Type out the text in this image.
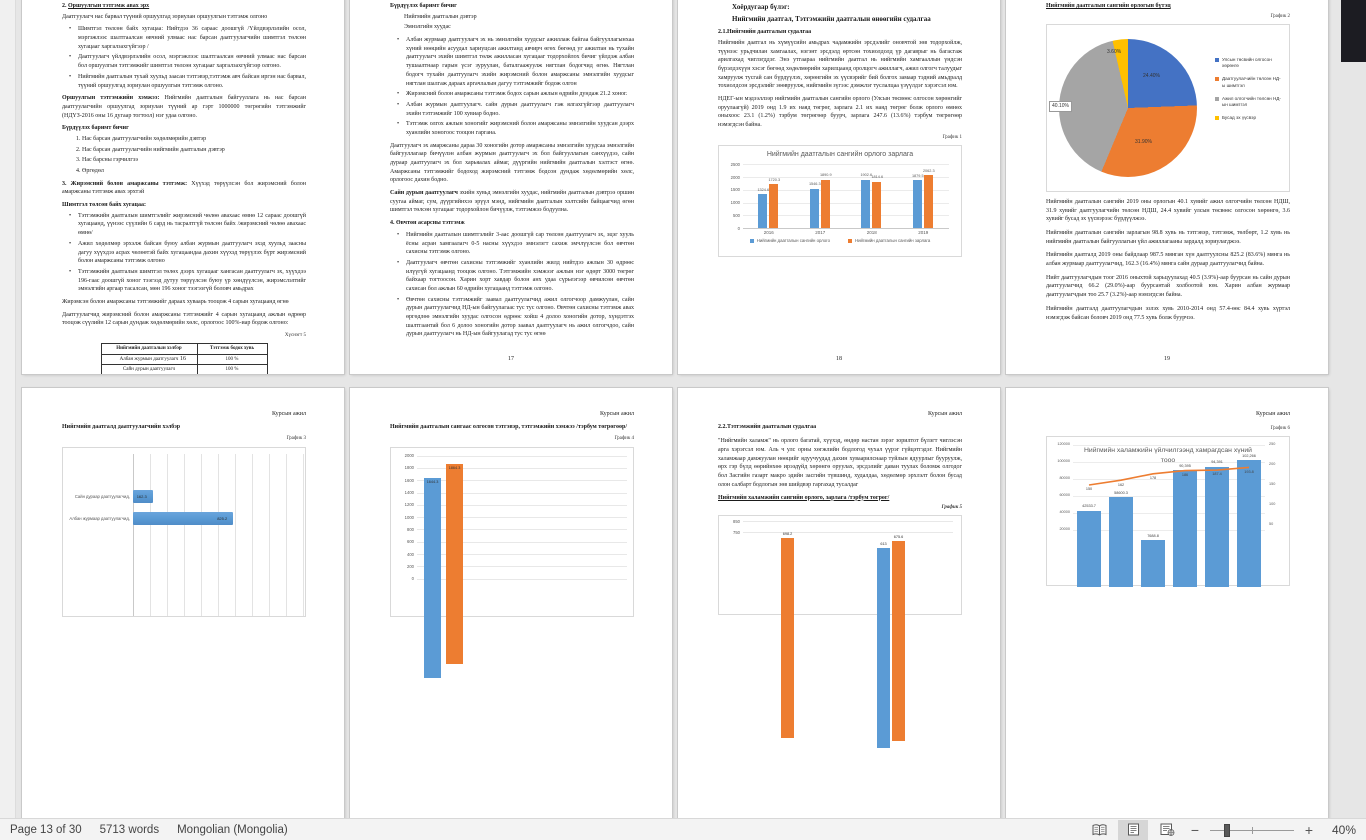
2. Оршуулгын тэтгэмж авах эрх

Даатгуулагч нас барвал түүний оршуулгад зориулан оршуулгын тэтгэмж олгоно

• Шимтгэл төлсөн байх хугацаа: Нийтдээ 36 сараас доошгүй /Үйлдвэрлэлийн осол, мэргэжлээс шалтгаалсан өвчний улмаас нас барсан даатгуулагчийн шимтгэл төлсөн хугацааг харгалзахгүйгээр /
• Даатгуулагч үйлдвэрлэлийн осол, мэргэжлээс шалтгаалсан өвчний улмаас нас барсан бол оршуулгын тэтгэмжийг шимтгэл төлсөн хугацааг харгалзахгүйгээр олгоно.
• Нийгмийн даатгалын тухай хуульд заасан тэтгэвэр,тэтгэмж авч байсан иргэн нас барвал, түүний оршуулгад зориулан оршуулгын тэтгэмж олгоно.

Оршуулгын тэтгэмжийн хэмжээ: Нийгмийн даатгалын байгууллага нь нас барсан даатгуулагчийн оршуулгад зориулан түүний ар гэрт 1000000 төгрөгийн тэтгэмжийг (НДҮЗ-2016 оны 16 дугаар тогтоол) нэг удаа олгоно.

Бүрдүүлэх баримт бичиг

1. Нас барсан даатгуулагчийн хөдөлмөрийн дэвтэр

2. Нас барсан даатгуулагчийн нийгмийн даатгалын дэвтэр

3. Нас барсны гэрчилгээ

4. Өргөдөл

3. Жирэмсний болон амаржсаны тэтгэмж: Хүүхэд төрүүлсэн бол жирэмсний болон амаржсаны тэтгэмж авах эрхтэй

Шимтгэл төлсөн байх хугацаа:

• Тэтгэмжийн даатгалын шимтгэлийг жирэмсний чөлөө авахаас өмнө 12 сараас доошгүй хугацаанд, үүнээс сүүлийн 6 сард нь тасралтгүй төлсөн байх /жирэмсний чөлөө авахаас өмнө/
• Ажил хөдөлмөр эрхэлж байсан буюу албан журмын даатгуулагч эхэд хуульд заасны дагуу хүүхдээ асрах чөлөөтэй байх хугацаандаа дахин хүүхэд төрүүлэх бүрт жирэмсний болон амаржсаны тэтгэмж олгоно
• Тэтгэмжийн даатгалын шимтгэл төлөх дээрх хугацааг хангасан даатгуулагч эх, хүүхдээ 196-гаас доошгүй хоног тээгээд дутуу төрүүлсэн буюу үр хөндүүлсэн, жирэмслэлтийг эмнэлгийн аргаар тасалсан, мөн 196 хоног тээгээгүй боловч амьдрах

Жирэмсэн болон амаржсаны тэтгэмжийг дараах хуваарь тооцож 4 сарын хугацаанд өгнө

Даатгуулагчид жирэмсний болон амаржсаны тэтгэмжийг 4 сарын хугацаанд ажлын өдрөөр тооцож сүүлийн 12 сарын дундаж хөдөлмөрийн хөлс, орлогоос 100%-иар бодож олгоно:

Хүснэгт 5

Нийгмийн даатгалын хэлбэр	Тэтгэмж бодох хувь
Албан журмын даатгуулагч	100 %
Сайн дурын даатгуулагч	100 %
16

Бүрдүүлэх баримт бичиг

Нийгмийн даатгалын дэвтэр

Эмнэлгийн хуудас

• Албан журмаар даатгуулагч эх нь эмнэлгийн хуудсыг ажиллаж байгаа байгууллагынхаа хүний нөөцийн асуудал хариуцсан ажилтанд авчирч өгөх бөгөөд уг ажилтан нь тухайн даатгуулагч эхийн шимтгэл төлж ажилласан хугацааг тодорхойлох бичиг үйлдэж албан тушаалтнаар гарын үсэг зуруулан, баталгаажуулж нягтлан бодогчид өгнө. Нягтлан бодогч тухайн даатгуулагч эхийн жирэмсний болон амаржсаны эмнэлгийн хуудсыг нягтлан шалгаж дараах аргачлалын дагуу тэтгэмжийг бодож олгон
• Жирэмсний болон амаржсаны тэтгэмж бодох сарын ажлын өдрийн дундаж 21.2 хоног.
• Албан журмын даатгуулагч. сайн дурын даатгуулагч гэж ялгахгүйгээр даатгуулагч эхийн тэтгэмжийг 100 хувиар бодно.
• Тэтгэмж олгох ажлын хоногийг жирэмсний болон амаржсаны эмнэлгийн хуудсан дээрх хуанлийн хоногоос тооцон гаргана.

Даатгуулагч эх амаржсаны дараа 30 хоногийн дотор амаржсаны эмнэлгийн хуудсаа эмнэлгийн байгууллагаар бичүүлэн албан журмын даатгуулагч эх бол байгууллагын санхүүдээ, сайн дураар даатгуулагч эх бол харьяалах аймаг, дүүргийн нийгмийн даатгалын хэлтэст өгнө. Амаржсаны тэтгэмжийг бодоход жирэмсний тэтгэмж бодсон дундаж хөдөлмөрийн хөлс, орлогоос дахин бодно.

Сайн дурын даатгуулагч эхийн хувьд эмнэлгийн хуудас, нийгмийн даатгалын дэвтрээ оршин суугаа аймаг, сум, дүүргийнхээ эрүүл мэнд, нийгмийн даатгалын хэлтсийн байцаагчид өгөн шимтгэл төлсөн хугацааг тодорхойлон бичүүлж, тэтгэмжээ бодуулна.

4. Өвчтөн асарсны тэтгэмж

• Нийгмийн даатгалын шимтгэлийг 3-аас доошгүй сар төлсөн даатгуулагч эх, эцэг хууль ёсны асран хамгаалагч 0-5 насны хүүхдээ эмнэлэгт сахиж эмчлүүлсэн бол өвчтөн сахисны тэтгэмж олгоно.
• Даатгуулагч өвчтөн сахисны тэтгэмжийг хуанлийн жилд нийтдээ ажлын 30 өдрөөс илүүгүй хугацаанд тооцож олгоно. Тэтгэмжийн хэмжээг ажлын нэг өдөрт 3000 төгрөг байхаар тогтоосон. Харин хорт хавдар болон анх удаа сүрьеэгээр өвчилсөн өвчтөн сахисан бол ажлын 60 өдрийн хугацаанд тэтгэмж олгоно.
• Өвчтөн сахисны тэтгэмжийг заавал даатгуулагчид ажил олгогчоор дамжуулан, сайн дурын даатгуулагчид НД-ын байгуулагаас тус тус олгоно. Өвчтөн сахисны тэтгэмж авах өргөдлөө эмнэлгийн хуудас олгосон өдрөөс хойш 4 долоо хоногийн дотор, хүндэтгэх шалтгаантай бол 6 долоо хоногийн дотор заавал даатгуулагч нь ажил олгогчдоо, сайн дурын даатгуулагч нь НД-ын байгуулагад тус тус өгнө
17

Хоёрдугаар бүлэг:

Нийгмийн даатгал, Тэтгэмжийн даатгалын өнөөгийн судалгаа

2.1.Нийгмийн даатгалын судалгаа

Нийгмийн даатгал нь хүмүүсийн амьдрах чадамжийн эрсдэлийг оновчтой зөв тодорхойлж, түүнээс урьдчилан хамгаалах, нэгэнт эрсдэлд өртсөн тохиолдолд үр дагаврыг нь багасгаж арилгахад чиглэгддэг. Энэ утгаараа нийгмийн даатгал нь нийгмийн хамгааллын үндсэн бүрэлдэхүүн хэсэг бөгөөд хөдөлмөрийн харилцаанд оролцогч ажиллагч, ажил олгогч талуудыг хамруулж тусгай сан бүрдүүлэх, хөрөнгийн эх үүсвэрийг бий болгох замаар тэдний амьдралд тохиолдсон эрсдэлийг зөөвруулж, нийгмийн зүгээс дэмжлэг туслалцаа үзүүлдэг хэрэгсэл юм.

НДЕГ-ын мэдээллээр нийгмийн даатгалын сангийн орлого (Улсын төсвөөс олгосон хөрөнгийг оруулаагүй) 2019 онд 1.9 их наяд төгрөг, зарлага 2.1 их наяд төгрөг болж орлого өмнөх оныхоос 23.1 (1.2%) тэрбум төгрөгөөр буурч, зарлага 247.6 (13.6%) тэрбум төгрөгөөр нэмэгдсэн байна.

График 1

Нийгмийн даатгалын сангийн орлого зарлага
0
500
1000
1500
2000
2500
2016
1324.6
1720.3
2017
1546.3
1890.9
2018
1902.6
1814.6
2019
1879.5
2062.3
Нийгмийн даатгалын сангийн орлого	Нийгмийн даатгалын сангийн зарлага
18

Нийгмийн даатгалын сангийн орлогын бүтэц

График 2

24.40%
31.90%
40.10%
3.60%
Улсын төсвийн олгосон хөрөнгө
Даатгуулагчийн төлсөн НД-ы шимтгэл
Ажил олгогчийн төлсөн НД-ын шимтгэл
Бусад эх үүсвэр

Нийгмийн даатгалын сангийн 2019 оны орлогын 40.1 хувийг ажил олгогчийн төлсөн НДШ, 31.9 хувийг даатгуулагчийн төлсөн НДШ, 24.4 хувийг улсын төсвөөс олгосон хөрөнгө, 3.6 хувийг бусад эх үүсвэрээс бүрдүүлжээ.

Нийгмийн даатгалын сангийн зарлагын 98.8 хувь нь тэтгэвэр, тэтгэмж, төлбөрт, 1.2 хувь нь нийгмийн даатгалын байгууллагын үйл ажиллагааны зардалд зориулагджээ.

Нийгмийн даатгалд 2019 оны байдлаар 987.5 мянган хүн даатгуулсны 825.2 (83.6%) мянга нь албан журмаар даатгуулагчид, 162.3 (16.4%) мянга сайн дураар даатгуулагчид байна.

Нийт даатгуулагчдын тоог 2016 оныхтой харьцуулахад 40.5 (3.9%)-аар буурсан нь сайн дурын даатгуулагчид 66.2 (29.0%)-аар буурсантай холбоотой юм. Харин албан журмаар даатгуулагчдын тоо 25.7 (3.2%)-аар нэмэгдсэн байна.

Нийгмийн даатгалд даатгуулагчдын эзлэх хувь 2010-2014 онд 57.4-өөс 84.4 хувь хүртэл нэмэгдэж байсан боловч 2019 онд 77.5 хувь болж буурчээ.

19

Курсын ажил

Нийгмийн даатгалд даатгуулагчийн хэлбэр

График 3

Сайн дураар даатгуулагчид, 162.3
Албан журмаар даатгуулагчид,	825.2

Курсын ажил

Нийгмийн даатгалын сангаас олгосон тэтгэвэр, тэтгэмжийн хэмжээ /тэрбум төгрөгөөр/

График 4

2000
1800
1600
1400
1200
1000
800
600
400
200
0
1644.3
1864.3

Курсын ажил

2.2.Тэтгэмжийн даатгалын судалгаа

"Нийгмийн халамж" нь орлого багатай, хүүхэд, өндөр настан зэрэг зорилтот бүлэгт чиглэсэн арга хэрэгсэл юм. Аль ч улс орны хөгжлийн бодлогод чухал үүрэг гүйцэтгэдэг. Нийгмийн халамжаар дамжуулан нөөцийг ядуучуудад дахин хуваарилснаар туйлын ядуурлыг бууруулж, өрх гэр бүлд өөрийнхөө ирээдүйд хөрөнгө оруулах, эрсдэлийг даван туулах боломж олгодог бол Засгийн газарт макро эдийн засгийн түвшинд, худалдаа, хөдөлмөр эрхлэлт болон бусад олон салбарт бодлогын зөв шийдвэр гаргахад тусалдаг

Нийгмийн халамжийн сангийн орлого, зарлага /тэрбум төгрөг/

График 5

850
750	698.2
613
675.6

Курсын ажил

График 6

Нийгмийн халамжийн үйлчилгээнд хамрагдсан хүний тооо
120000
100000
80000
60000
40000
20000
250
200
150
100
50
42533.7
58600.3
7688.8
90,395
94,391
102,266
150
162
178
186	187.4
193.8
Page 13 of 30 5713 words Mongolian (Mongolia)	−	+	40%
